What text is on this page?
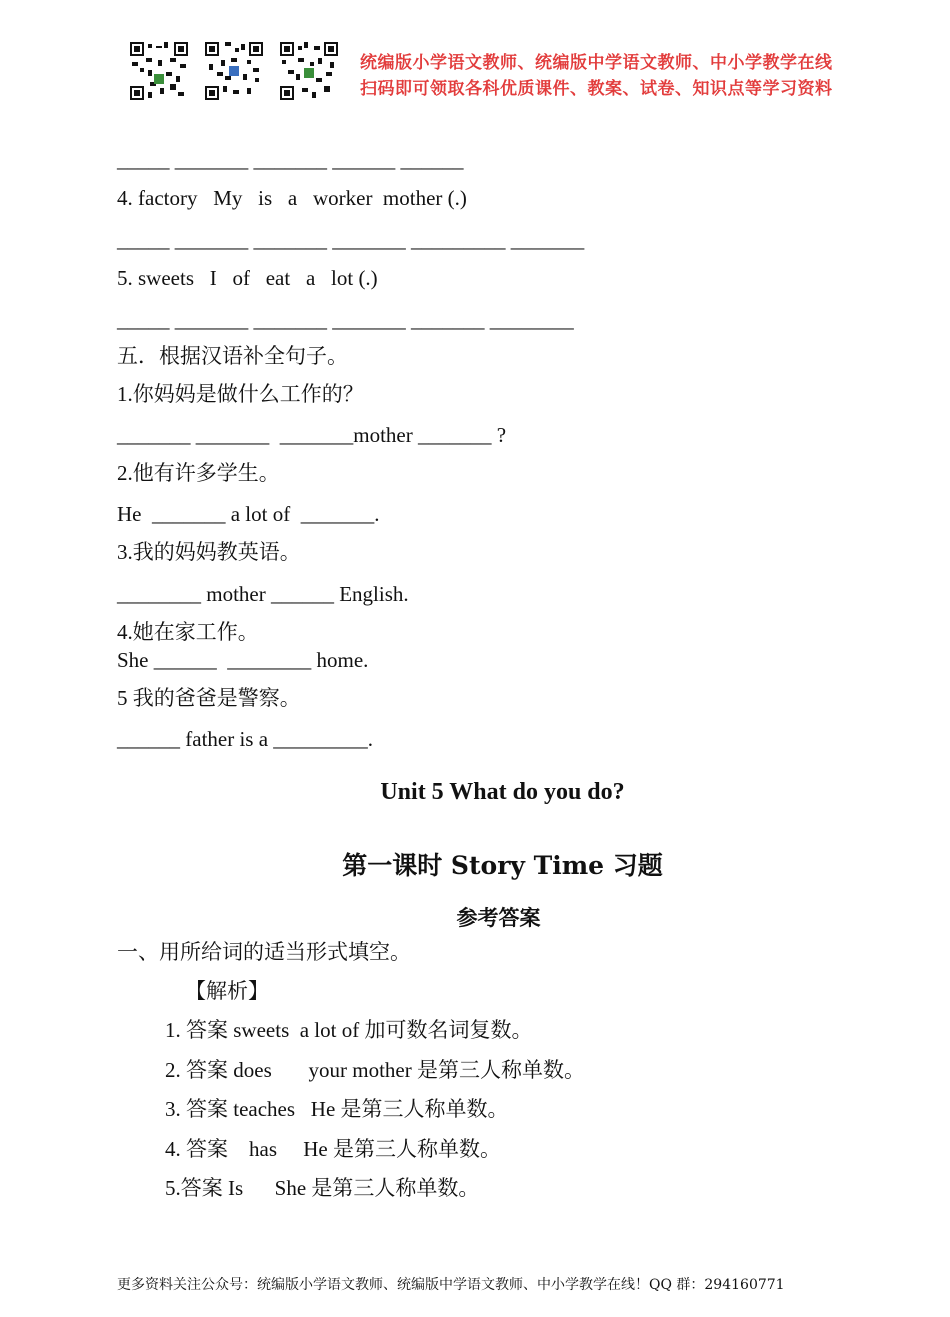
统编版小学语文教师、统编版中学语文教师、中小学教学在线
扫码即可领取各科优质课件、教案、试卷、知识点等学习资料
_____ _______ _______ ______ ______
4. factory   My   is   a   worker  mother (.)
_____ _______ _______ _______ _________ _______
5. sweets   I   of   eat   a   lot (.)
_____ _______ _______ _______ _______ ________
五．根据汉语补全句子。
1.你妈妈是做什么工作的？
_______ _______  _______mother _______ ?
2.他有许多学生。
He  _______ a lot of  _______.
3.我的妈妈教英语。
________ mother ______ English.
4.她在家工作。
She ______  ________ home.
5 我的爸爸是警察。
______ father is a _________.
Unit 5 What do you do?
第一课时 Story Time 习题
参考答案
一、用所给词的适当形式填空。
【解析】
1. 答案 sweets  a lot of 加可数名词复数。
2. 答案 does       your mother 是第三人称单数。
3. 答案 teaches   He 是第三人称单数。
4. 答案    has     He 是第三人称单数。
5.答案 Is      She 是第三人称单数。
更多资料关注公众号：统编版小学语文教师、统编版中学语文教师、中小学教学在线！QQ 群：294160771
